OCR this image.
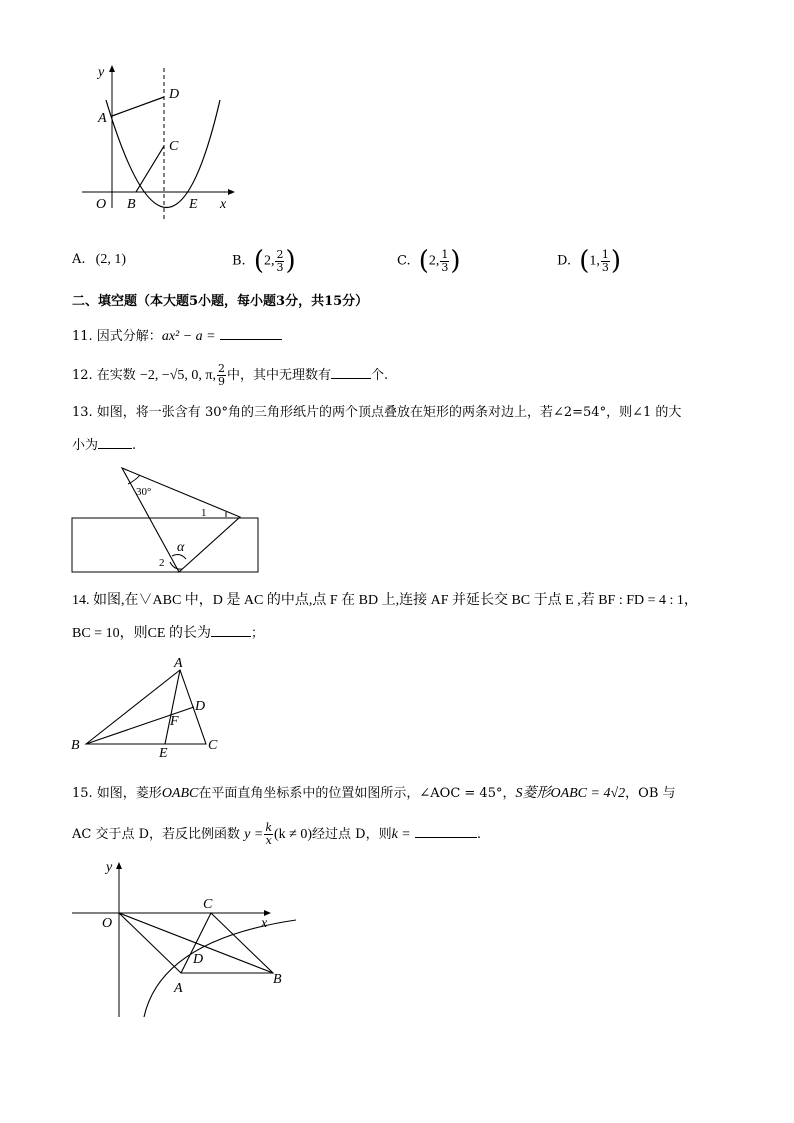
y
x
O
A
B
C
D
E
A. (2, 1)	B. (2, $\frac{2}{3}$ )	C. (2, $\frac{1}{3}$ )	D. (1, $\frac{1}{3}$ )
二、填空题（本大题5小题，每小题3分，共15分）
11. 因式分解：ax² − a =
12. 在实数 −2, −√5, 0, π, $\frac{2}{9}$ 中，其中无理数有	个.
13. 如图，将一张含有 30°角的三角形纸片的两个顶点叠放在矩形的两条对边上，若∠2=54°，则∠1 的大
小为	.
30°
1
2
α
14. 如图,在∨ABC 中，D 是 AC 的中点,点 F 在 BD 上,连接 AF 并延长交 BC 于点 E ,若 BF : FD = 4 : 1，
BC = 10，则CE 的长为	；
A
B	C
D
E
F
15. 如图，菱形OABC在平面直角坐标系中的位置如图所示，∠AOC = 45°，S菱形OABC = 4√2，OB 与
AC 交于点 D，若反比例函数 $y = \frac{k}{x} (k \ne 0)$经过点 D，则k =	.
y
x
O
A
B
C
D
